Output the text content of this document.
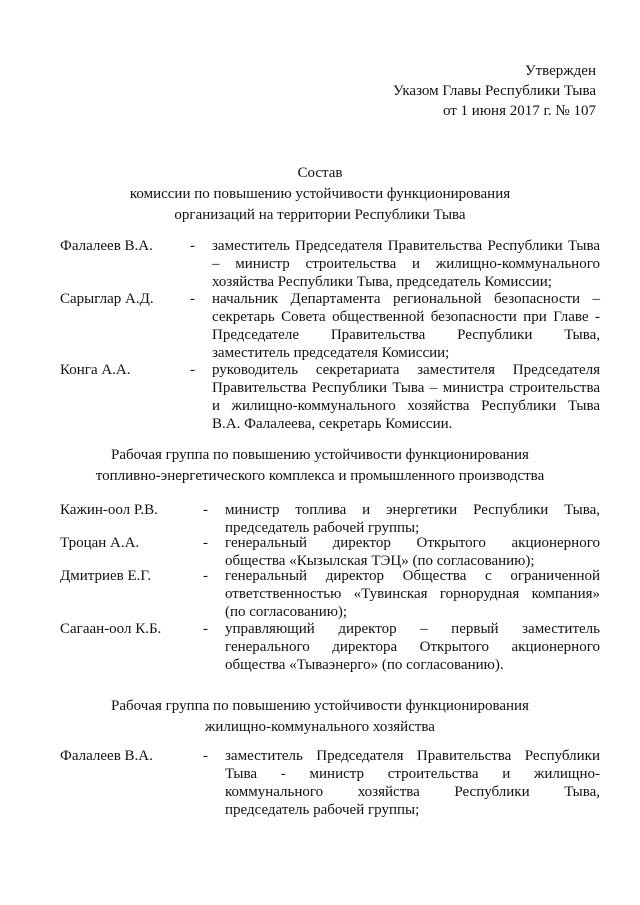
Утвержден
Указом Главы Республики Тыва
от 1 июня 2017 г. № 107
Состав
комиссии по повышению устойчивости функционирования
организаций на территории Республики Тыва
Фалалеев В.А. - заместитель Председателя Правительства Республики Тыва
– министр строительства и жилищно-коммунального
хозяйства Республики Тыва, председатель Комиссии;
Сарыглар А.Д. - начальник Департамента региональной безопасности –
секретарь Совета общественной безопасности при Главе -
Председателе Правительства Республики Тыва,
заместитель председателя Комиссии;
Конга А.А.	- руководитель секретариата заместителя Председателя
Правительства Республики Тыва – министра строительства
и жилищно-коммунального хозяйства Республики Тыва
В.А. Фалалеева, секретарь Комиссии.
Рабочая группа по повышению устойчивости функционирования
топливно-энергетического комплекса и промышленного производства
Кажин-оол Р.В.	- министр топлива и энергетики Республики Тыва,
председатель рабочей группы;
Троцан А.А.	- генеральный директор Открытого акционерного
общества «Кызылская ТЭЦ» (по согласованию);
Дмитриев Е.Г.	- генеральный директор Общества с ограниченной
ответственностью «Тувинская горнорудная компания»
(по согласованию);
Сагаан-оол К.Б.	- управляющий директор – первый заместитель
генерального директора Открытого акционерного
общества «Тываэнерго» (по согласованию).
Рабочая группа по повышению устойчивости функционирования
жилищно-коммунального хозяйства
Фалалеев В.А.	- заместитель Председателя Правительства Республики
Тыва - министр строительства и жилищно-
коммунального хозяйства Республики Тыва,
председатель рабочей группы;
